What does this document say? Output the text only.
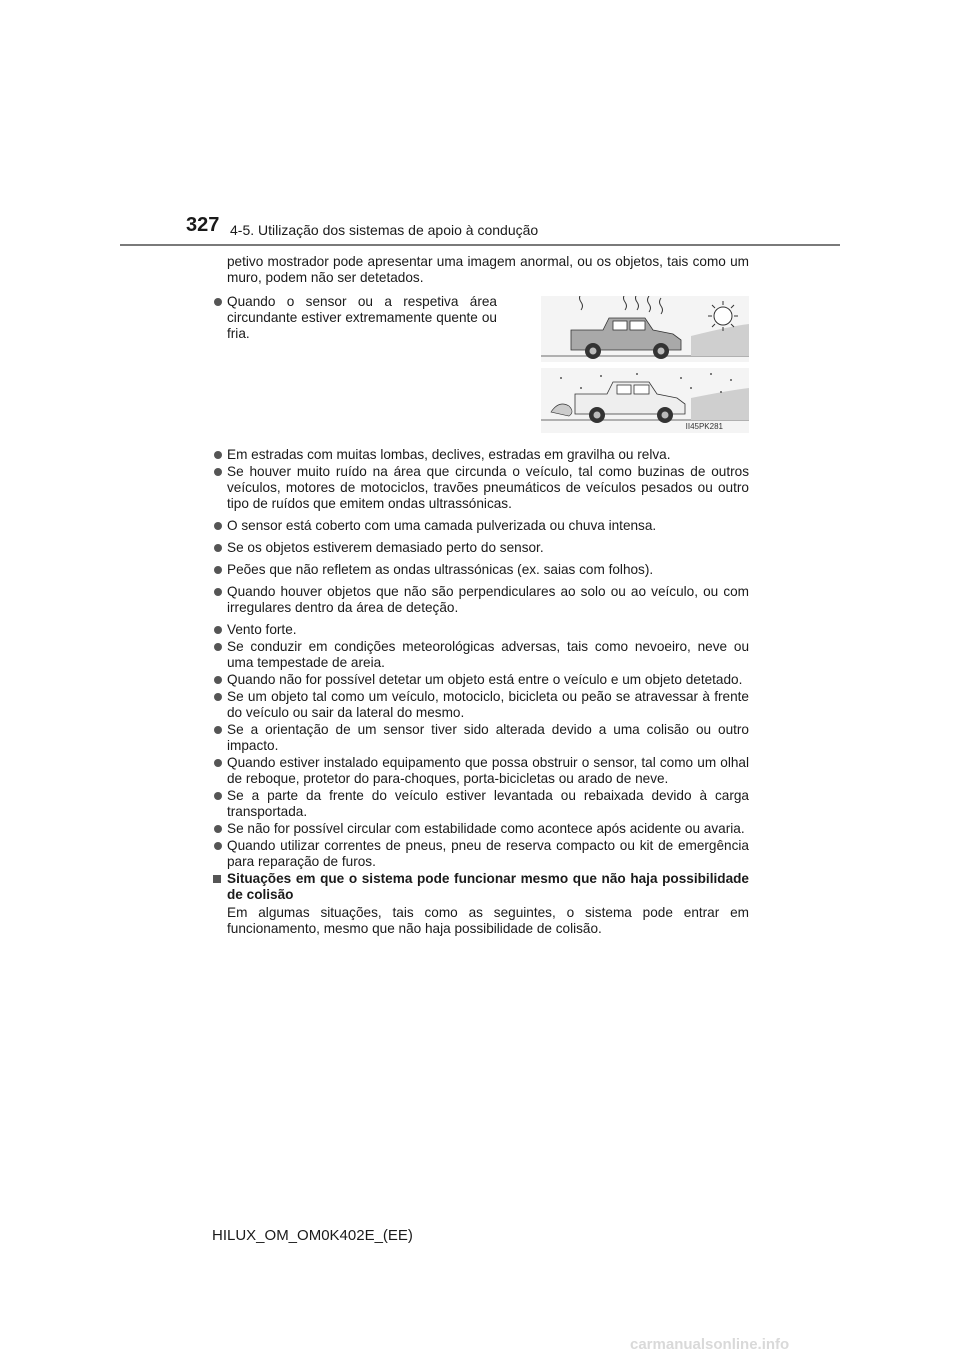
327 4-5. Utilização dos sistemas de apoio à condução

petivo mostrador pode apresentar uma imagem anormal, ou os objetos, tais como um muro, podem não ser detetados.

Quando o sensor ou a respetiva área circundante estiver extremamente quente ou fria.

II45PK281

Em estradas com muitas lombas, declives, estradas em gravilha ou relva.

Se houver muito ruído na área que circunda o veículo, tal como buzinas de outros veículos, motores de motociclos, travões pneumáticos de veículos pesados ou outro tipo de ruídos que emitem ondas ultrassónicas.

O sensor está coberto com uma camada pulverizada ou chuva intensa.

Se os objetos estiverem demasiado perto do sensor.

Peões que não refletem as ondas ultrassónicas (ex. saias com folhos).

Quando houver objetos que não são perpendiculares ao solo ou ao veículo, ou com irregulares dentro da área de deteção.

Vento forte.

Se conduzir em condições meteorológicas adversas, tais como nevoeiro, neve ou uma tempestade de areia.

Quando não for possível detetar um objeto está entre o veículo e um objeto detetado.

Se um objeto tal como um veículo, motociclo, bicicleta ou peão se atravessar à frente do veículo ou sair da lateral do mesmo.

Se a orientação de um sensor tiver sido alterada devido a uma colisão ou outro impacto.

Quando estiver instalado equipamento que possa obstruir o sensor, tal como um olhal de reboque, protetor do para-choques, porta-bicicletas ou arado de neve.

Se a parte da frente do veículo estiver levantada ou rebaixada devido à carga transportada.

Se não for possível circular com estabilidade como acontece após acidente ou avaria.

Quando utilizar correntes de pneus, pneu de reserva compacto ou kit de emergência para reparação de furos.

Situações em que o sistema pode funcionar mesmo que não haja possibilidade de colisão

Em algumas situações, tais como as seguintes, o sistema pode entrar em funcionamento, mesmo que não haja possibilidade de colisão.

HILUX_OM_OM0K402E_(EE)
carmanualsonline.info
